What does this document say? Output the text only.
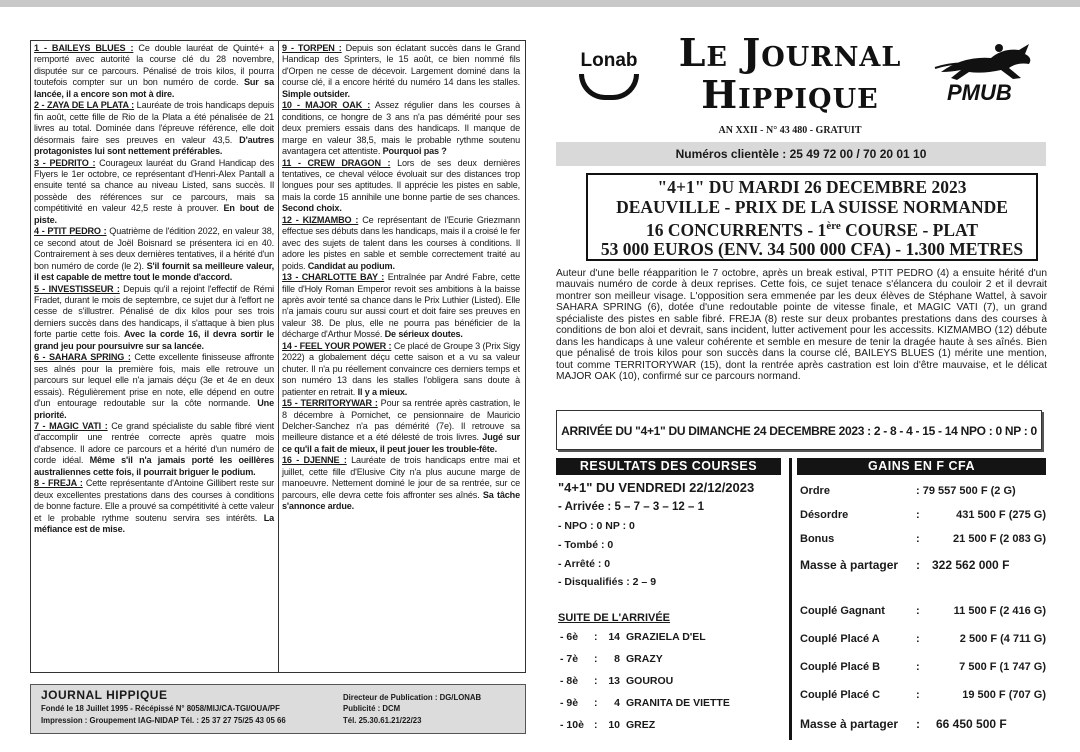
1 - BAILEYS BLUES : Ce double lauréat de Quinté+ a remporté avec autorité la course clé du 28 novembre, disputée sur ce parcours. Pénalisé de trois kilos, il pourra toutefois compter sur un bon numéro de corde. Sur sa lancée, il a encore son mot à dire.

2 - ZAYA DE LA PLATA : Lauréate de trois handicaps depuis fin août, cette fille de Rio de la Plata a été pénalisée de 21 livres au total. Dominée dans l'épreuve référence, elle doit désormais faire ses preuves en valeur 43,5. D'autres protagonistes lui sont nettement préférables.

3 - PEDRITO : Courageux lauréat du Grand Handicap des Flyers le 1er octobre, ce représentant d'Henri-Alex Pantall a ensuite tenté sa chance au niveau Listed, sans succès. Il possède des références sur ce parcours, mais sa compétitivité en valeur 42,5 reste à prouver. En bout de piste.

4 - PTIT PEDRO : Quatrième de l'édition 2022, en valeur 38, ce second atout de Joël Boisnard se présentera ici en 40. Contrairement à ses deux dernières tentatives, il a hérité d'un bon numéro de corde (le 2). S'il fournit sa meilleure valeur, il est capable de mettre tout le monde d'accord.

5 - INVESTISSEUR : Depuis qu'il a rejoint l'effectif de Rémi Fradet, durant le mois de septembre, ce sujet dur à l'effort ne cesse de s'illustrer. Pénalisé de dix kilos pour ses trois derniers succès dans des handicaps, il s'attaque à bien plus forte partie cette fois. Avec la corde 16, il devra sortir le grand jeu pour poursuivre sur sa lancée.

6 - SAHARA SPRING : Cette excellente finisseuse affronte ses aînés pour la première fois, mais elle retrouve un parcours sur lequel elle n'a jamais déçu (3e et 4e en deux essais). Régulièrement prise en note, elle dépend en outre d'un entourage redoutable sur la côte normande. Une priorité.

7 - MAGIC VATI : Ce grand spécialiste du sable fibré vient d'accomplir une rentrée correcte après quatre mois d'absence. Il adore ce parcours et a hérité d'un numéro de corde idéal. Même s'il n'a jamais porté les oeillères australiennes cette fois, il pourrait briguer le podium.

8 - FREJA : Cette représentante d'Antoine Gillibert reste sur deux excellentes prestations dans des courses à conditions de bonne facture. Elle a prouvé sa compétitivité à cette valeur et le probable rythme soutenu servira ses intérêts. La méfiance est de mise.

9 - TORPEN : Depuis son éclatant succès dans le Grand Handicap des Sprinters, le 15 août, ce bien nommé fils d'Orpen ne cesse de décevoir. Largement dominé dans la course clé, il a encore hérité du numéro 14 dans les stalles. Simple outsider.

10 - MAJOR OAK : Assez régulier dans les courses à conditions, ce hongre de 3 ans n'a pas démérité pour ses deux premiers essais dans des handicaps. Il manque de marge en valeur 38,5, mais le probable rythme soutenu avantagera cet attentiste. Pourquoi pas ?

11 - CREW DRAGON : Lors de ses deux dernières tentatives, ce cheval véloce évoluait sur des distances trop longues pour ses aptitudes. Il apprécie les pistes en sable, mais la corde 15 annihile une bonne partie de ses chances. Second choix.

12 - KIZMAMBO : Ce représentant de l'Ecurie Griezmann effectue ses débuts dans les handicaps, mais il a croisé le fer avec des sujets de talent dans les courses à conditions. Il adore les pistes en sable et semble correctement traité au poids. Candidat au podium.

13 - CHARLOTTE BAY : Entraînée par André Fabre, cette fille d'Holy Roman Emperor revoit ses ambitions à la baisse après avoir tenté sa chance dans le Prix Luthier (Listed). Elle n'a jamais couru sur aussi court et doit faire ses preuves en valeur 38. De plus, elle ne pourra pas bénéficier de la décharge d'Arthur Mossé. De sérieux doutes.

14 - FEEL YOUR POWER : Ce placé de Groupe 3 (Prix Sigy 2022) a globalement déçu cette saison et a vu sa valeur chuter. Il n'a pu réellement convaincre ces derniers temps et son numéro 13 dans les stalles l'obligera sans doute à patienter en retrait. Il y a mieux.

15 - TERRITORYWAR : Pour sa rentrée après castration, le 8 décembre à Pornichet, ce pensionnaire de Mauricio Delcher-Sanchez n'a pas démérité (7e). Il retrouve sa meilleure distance et a été délesté de trois livres. Jugé sur ce qu'il a fait de mieux, il peut jouer les trouble-fête.

16 - DJENNE : Lauréate de trois handicaps entre mai et juillet, cette fille d'Elusive City n'a plus aucune marge de manoeuvre. Nettement dominé le jour de sa rentrée, sur ce parcours, elle devra cette fois affronter ses aînés. Sa tâche s'annonce ardue.

JOURNAL HIPPIQUE
Fondé le 18 Juillet 1995 - Récépissé N° 8058/MIJ/CA-TGI/OUA/PF
Impression : Groupement IAG-NIDAP Tél. : 25 37 27 75/25 43 05 66
Directeur de Publication : DG/LONAB
Publicité : DCM
Tél. 25.30.61.21/22/23
Lonab	Le Journal
Hippique
AN XXII - N° 43 480 - GRATUIT
PMUB
Numéros clientèle : 25 49 72 00 / 70 20 01 10
"4+1" DU MARDI 26 DECEMBRE 2023
DEAUVILLE - PRIX DE LA SUISSE NORMANDE
16 CONCURRENTS - 1ère COURSE - PLAT
53 000 EUROS (ENV. 34 500 000 CFA) - 1.300 METRES
Auteur d'une belle réapparition le 7 octobre, après un break estival, PTIT PEDRO (4) a ensuite hérité d'un mauvais numéro de corde à deux reprises. Cette fois, ce sujet tenace s'élancera du couloir 2 et il devrait montrer son meilleur visage. L'opposition sera emmenée par les deux élèves de Stéphane Wattel, à savoir SAHARA SPRING (6), dotée d'une redoutable pointe de vitesse finale, et MAGIC VATI (7), un grand spécialiste des pistes en sable fibré. FREJA (8) reste sur deux probantes prestations dans des courses à conditions de bon aloi et devrait, sans incident, lutter activement pour les accessits. KIZMAMBO (12) débute dans les handicaps à une valeur cohérente et semble en mesure de tenir la dragée haute à ses aînés. Bien que pénalisé de trois kilos pour son succès dans la course clé, BAILEYS BLUES (1) mérite une mention, tout comme TERRITORYWAR (15), dont la rentrée après castration est loin d'être mauvaise, et le délicat MAJOR OAK (10), confirmé sur ce parcours normand.
ARRIVÉE DU "4+1" DU DIMANCHE 24 DECEMBRE 2023 : 2 - 8 - 4 - 15 - 14 NPO : 0 NP : 0
RESULTATS DES COURSES	GAINS EN F CFA
"4+1" DU VENDREDI 22/12/2023
- Arrivée : 5 – 7 – 3 – 12 – 1
- NPO : 0 NP : 0
- Tombé : 0
- Arrêté : 0
- Disqualifiés : 2 – 9
SUITE DE L'ARRIVÉE
- 6è : 14 GRAZIELA D'EL
- 7è :	8 GRAZY
- 8è : 13 GOUROU
- 9è :	4 GRANITA DE VIETTE
- 10è : 10 GREZ
Ordre	: 79 557 500 F (2 G)
Désordre	:	431 500 F (275 G)
Bonus	:	21 500 F (2 083 G)
Masse à partager : 322 562 000 F
Couplé Gagnant	:	11 500 F (2 416 G)
Couplé Placé A	:	2 500 F (4 711 G)
Couplé Placé B	:	7 500 F (1 747 G)
Couplé Placé C	:	19 500 F (707 G)
Masse à partager : 66 450 500 F
